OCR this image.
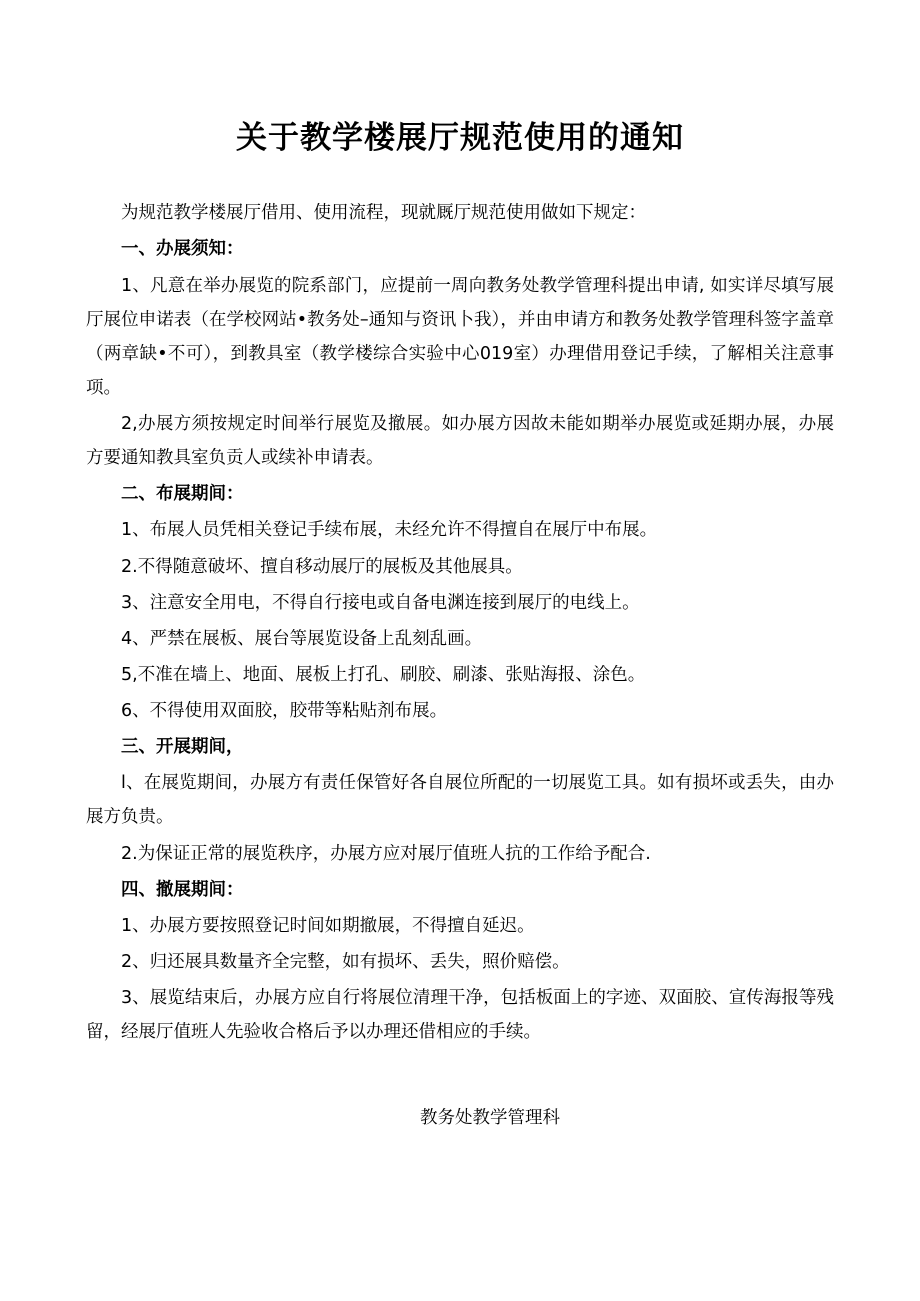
关于教学楼展厅规范使用的通知

为规范教学楼展厅借用、使用流程，现就厩厅规范使用做如下规定：

一、办展须知：

1、凡意在举办展览的院系部门，应提前一周向教务处教学管理科提出申请, 如实详尽填写展厅展位申诺表（在学校网站•教务处–通知与资讯卜我），并由申请方和教务处教学管理科签字盖章（两章缺•不可），到教具室（教学楼综合实验中心019室）办理借用登记手续，了解相关注意事项。

2,办展方须按规定时间举行展览及撤展。如办展方因故未能如期举办展览或延期办展，办展方要通知教具室负贡人或续补申请表。

二、布展期间：

1、布展人员凭相关登记手续布展，未经允许不得擅自在展厅中布展。

2.不得随意破坏、擅自移动展厅的展板及其他展具。

3、注意安全用电，不得自行接电或自备电渊连接到展厅的电线上。

4、严禁在展板、展台等展览设备上乱刻乱画。

5,不准在墙上、地面、展板上打孔、刷胶、刷漆、张贴海报、涂色。

6、不得使用双面胶，胶带等粘贴剂布展。

三、开展期间，

l、在展览期间，办展方有责任保管好各自展位所配的一切展览工具。如有损坏或丢失，由办展方负贵。

2.为保证正常的展览秩序，办展方应对展厅值班人抗的工作给予配合.

四、撤展期间：

1、办展方要按照登记时间如期撤展，不得擅自延迟。

2、归还展具数量齐全完整，如有损坏、丢失，照价赔偿。

3、展览结束后，办展方应自行将展位清理干净，包括板面上的字迹、双面胶、宣传海报等残留，经展厅值班人先验收合格后予以办理还借相应的手续。

教务处教学管理科
